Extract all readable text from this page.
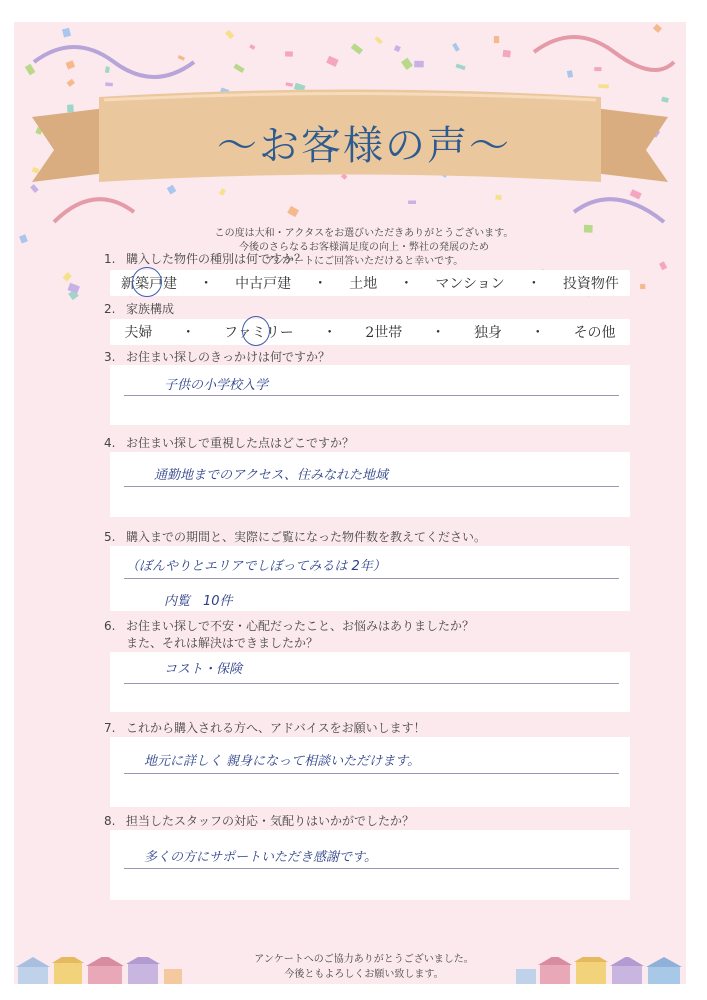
〜お客様の声〜
この度は大和・アクタスをお選びいただきありがとうございます。
今後のさらなるお客様満足度の向上・弊社の発展のため
アンケートにご回答いただけると幸いです。
1. 購入した物件の種別は何ですか？
新築戸建 ・ 中古戸建 ・ 土地 ・ マンション ・ 投資物件
2. 家族構成
夫婦 ・ ファミリー ・ 2世帯 ・ 独身 ・ その他
3. お住まい探しのきっかけは何ですか？
子供の小学校入学
4. お住まい探しで重視した点はどこですか？
通勤地までのアクセス、住みなれた地域
5. 購入までの期間と、実際にご覧になった物件数を教えてください。
（ぼんやりとエリアでしぼってみるは 2年）
内覧　10件
6. お住まい探しで不安・心配だったこと、お悩みはありましたか？
また、それは解決はできましたか？
コスト・保険
7. これから購入される方へ、アドバイスをお願いします！
地元に詳しく 親身になって相談いただけます。
8. 担当したスタッフの対応・気配りはいかがでしたか？
多くの方にサポートいただき感謝です。
アンケートへのご協力ありがとうございました。
今後ともよろしくお願い致します。
